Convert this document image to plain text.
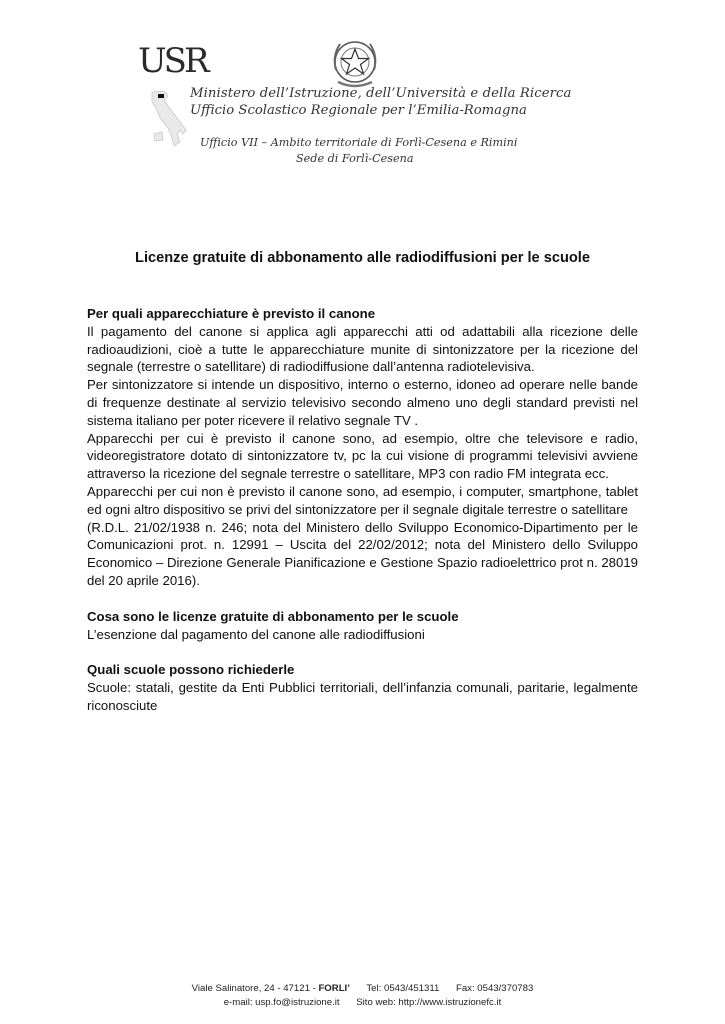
USR
Ministero dell’Istruzione, dell’Università e della Ricerca
Ufficio Scolastico Regionale per l’Emilia-Romagna
Ufficio VII – Ambito territoriale di Forlì-Cesena e Rimini
Sede di Forlì-Cesena
Licenze gratuite di abbonamento alle radiodiffusioni per le scuole
Per quali apparecchiature è previsto il canone

Il pagamento del canone si applica agli apparecchi atti od adattabili alla ricezione delle radioaudizioni, cioè a tutte le apparecchiature munite di sintonizzatore per la ricezione del segnale (terrestre o satellitare) di radiodiffusione dall’antenna radiotelevisiva.

Per sintonizzatore si intende un dispositivo, interno o esterno, idoneo ad operare nelle bande di frequenze destinate al servizio televisivo secondo almeno uno degli standard previsti nel sistema italiano per poter ricevere il relativo segnale TV .

Apparecchi per cui è previsto il canone sono, ad esempio, oltre che televisore e radio, videoregistratore dotato di sintonizzatore tv, pc la cui visione di programmi televisivi avviene attraverso la ricezione del segnale terrestre o satellitare, MP3 con radio FM integrata ecc.

Apparecchi per cui non è previsto il canone sono, ad esempio, i computer, smartphone, tablet ed ogni altro dispositivo se privi del sintonizzatore per il segnale digitale terrestre o satellitare

(R.D.L. 21/02/1938 n. 246; nota del Ministero dello Sviluppo Economico-Dipartimento per le Comunicazioni prot. n. 12991 – Uscita del 22/02/2012; nota del Ministero dello Sviluppo Economico – Direzione Generale Pianificazione e Gestione Spazio radioelettrico prot n. 28019 del 20 aprile 2016).

Cosa sono le licenze gratuite di abbonamento per le scuole

L’esenzione dal pagamento del canone alle radiodiffusioni

Quali scuole possono richiederle

Scuole: statali, gestite da Enti Pubblici territoriali, dell’infanzia comunali, paritarie, legalmente riconosciute

Viale Salinatore, 24 - 47121 - FORLI’ Tel: 0543/451311 Fax: 0543/370783
e-mail: usp.fo@istruzione.it Sito web: http://www.istruzionefc.it
